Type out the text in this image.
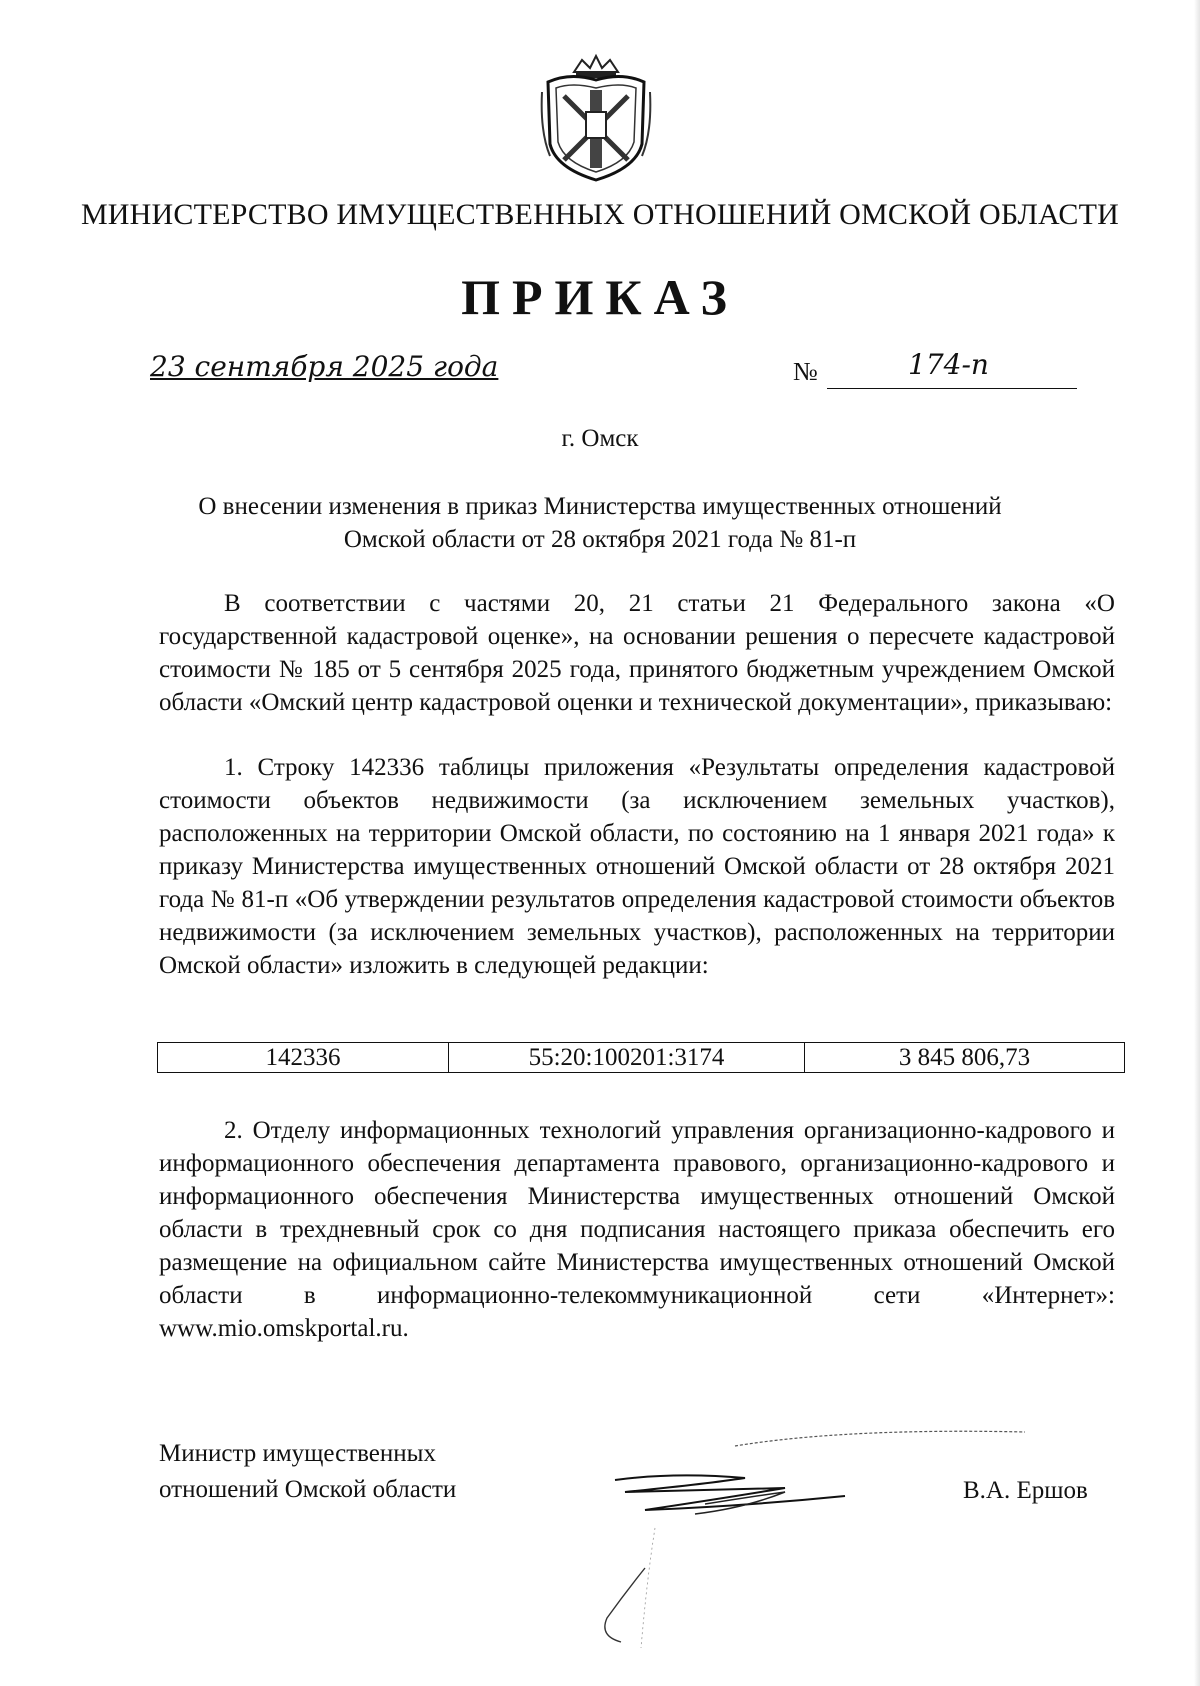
МИНИСТЕРСТВО ИМУЩЕСТВЕННЫХ ОТНОШЕНИЙ ОМСКОЙ ОБЛАСТИ
ПРИКАЗ
23 сентября 2025 года	№	174-п
г. Омск
О внесении изменения в приказ Министерства имущественных отношений
Омской области от 28 октября 2021 года № 81-п
В соответствии с частями 20, 21 статьи 21 Федерального закона «О государственной кадастровой оценке», на основании решения о пересчете кадастровой стоимости № 185 от 5 сентября 2025 года, принятого бюджетным учреждением Омской области «Омский центр кадастровой оценки и технической документации», приказываю:
1. Строку 142336 таблицы приложения «Результаты определения кадастровой стоимости объектов недвижимости (за исключением земельных участков), расположенных на территории Омской области, по состоянию на 1 января 2021 года» к приказу Министерства имущественных отношений Омской области от 28 октября 2021 года № 81-п «Об утверждении результатов определения кадастровой стоимости объектов недвижимости (за исключением земельных участков), расположенных на территории Омской области» изложить в следующей редакции:
142336	55:20:100201:3174	3 845 806,73
2. Отделу информационных технологий управления организационно-кадрового и информационного обеспечения департамента правового, организационно-кадрового и информационного обеспечения Министерства имущественных отношений Омской области в трехдневный срок со дня подписания настоящего приказа обеспечить его размещение на официальном сайте Министерства имущественных отношений Омской области в информационно-телекоммуникационной сети «Интернет»: www.mio.omskportal.ru.
Министр имущественных
отношений Омской области	В.А. Ершов
